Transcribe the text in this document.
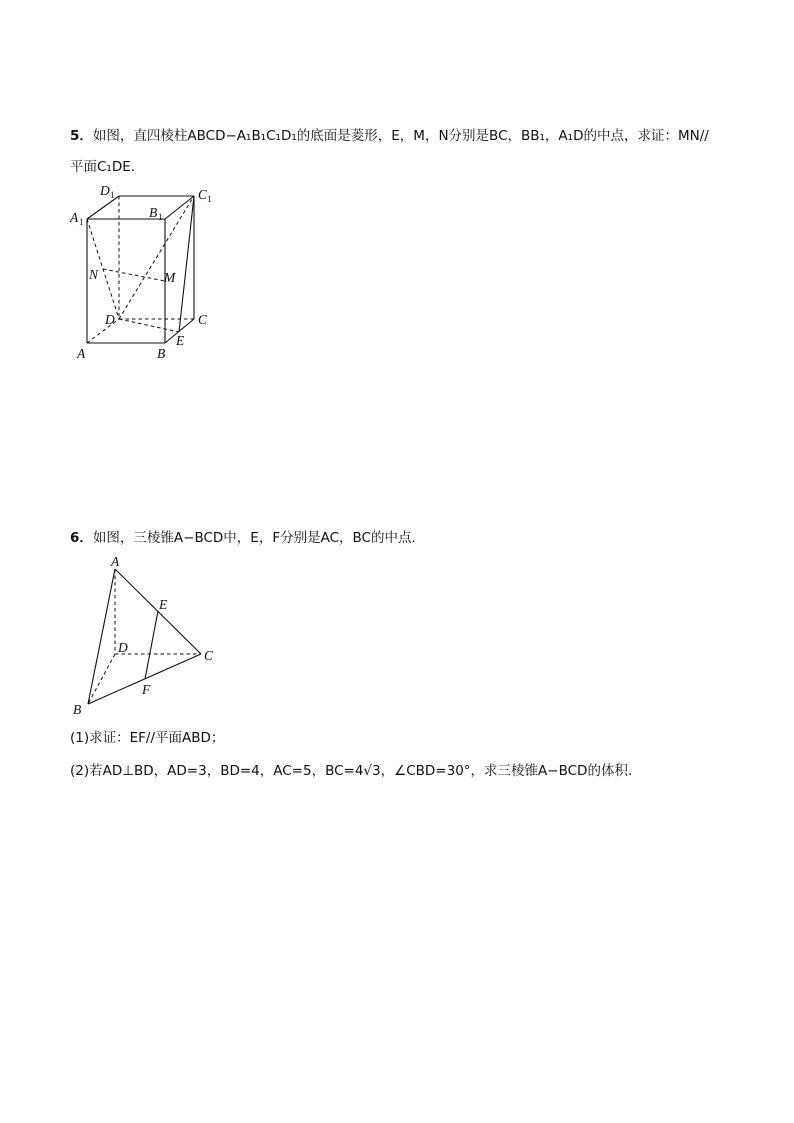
5．如图，直四棱柱ABCD−A₁B₁C₁D₁的底面是菱形，E，M，N分别是BC，BB₁，A₁D的中点，求证：MN//
平面C₁DE．
D 1	C 1
A 1
B 1
N	M
D	C
E
A	B
6．如图，三棱锥A−BCD中，E，F分别是AC，BC的中点．
A
E
D
C
F
B
(1)求证：EF//平面ABD；
(2)若AD⊥BD，AD=3，BD=4，AC=5，BC=4√3，∠CBD=30°，求三棱锥A−BCD的体积．
